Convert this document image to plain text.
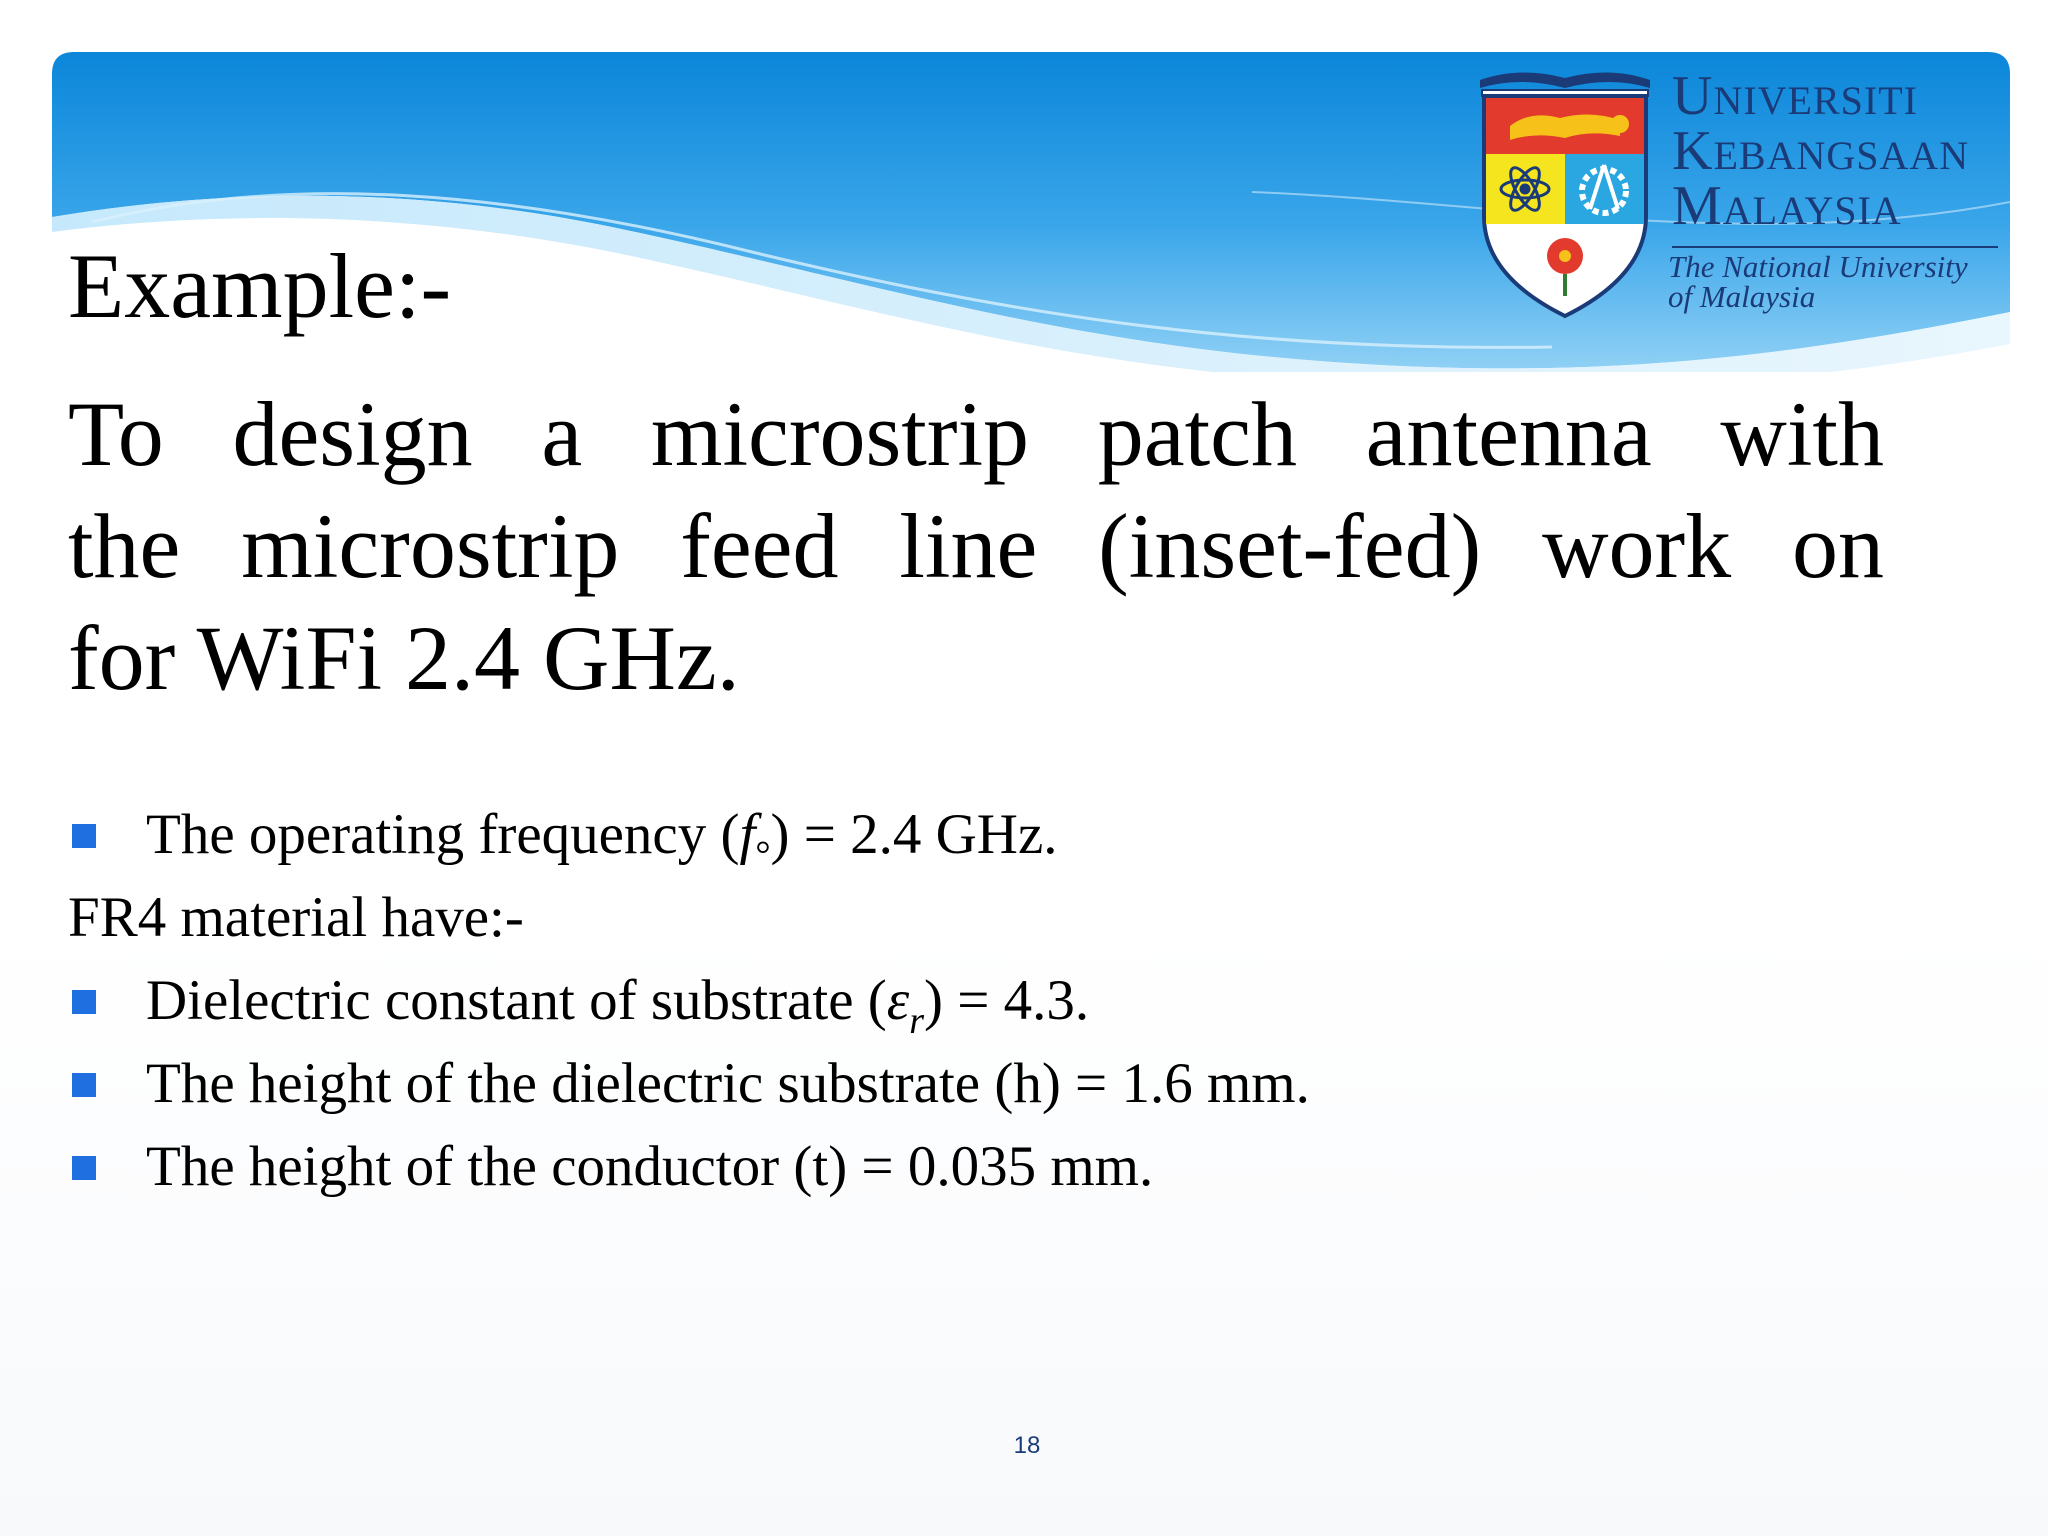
UNIVERSITI
KEBANGSAAN
MALAYSIA
The National University
of Malaysia
Example:-
To design a microstrip patch antenna with
the microstrip feed line (inset-fed) work on
for WiFi 2.4 GHz.
The operating frequency $(f^\circ) = 2.4$ GHz.
FR4 material have:-
Dielectric constant of substrate $(\varepsilon_r) = 4.3$.
The height of the dielectric substrate (h) = 1.6 mm.
The height of the conductor (t) = 0.035 mm.
18
